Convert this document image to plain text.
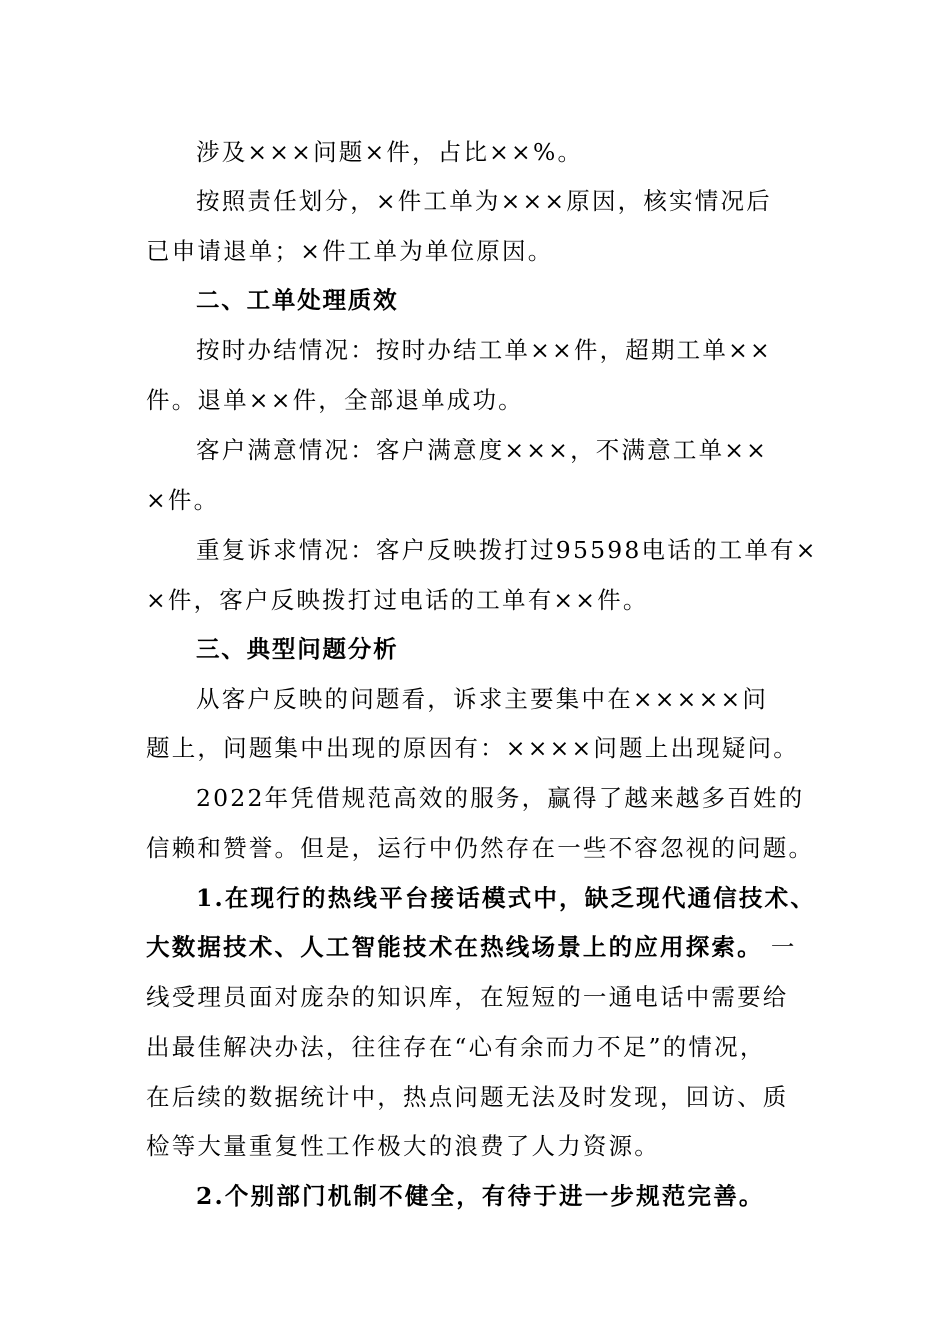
涉及×××问题×件，占比××%。
按照责任划分，×件工单为×××原因，核实情况后
已申请退单；×件工单为单位原因。
二、工单处理质效
按时办结情况：按时办结工单××件，超期工单××
件。退单××件，全部退单成功。
客户满意情况：客户满意度×××，不满意工单××
×件。
重复诉求情况：客户反映拨打过95598电话的工单有×
×件，客户反映拨打过电话的工单有××件。
三、典型问题分析
从客户反映的问题看，诉求主要集中在×××××问
题上，问题集中出现的原因有：××××问题上出现疑问。
2022年凭借规范高效的服务，赢得了越来越多百姓的
信赖和赞誉。但是，运行中仍然存在一些不容忽视的问题。
1.在现行的热线平台接话模式中，缺乏现代通信技术、
大数据技术、人工智能技术在热线场景上的应用探索。 一
线受理员面对庞杂的知识库，在短短的一通电话中需要给
出最佳解决办法，往往存在“心有余而力不足”的情况，
在后续的数据统计中，热点问题无法及时发现，回访、质
检等大量重复性工作极大的浪费了人力资源。
2.个别部门机制不健全，有待于进一步规范完善。
